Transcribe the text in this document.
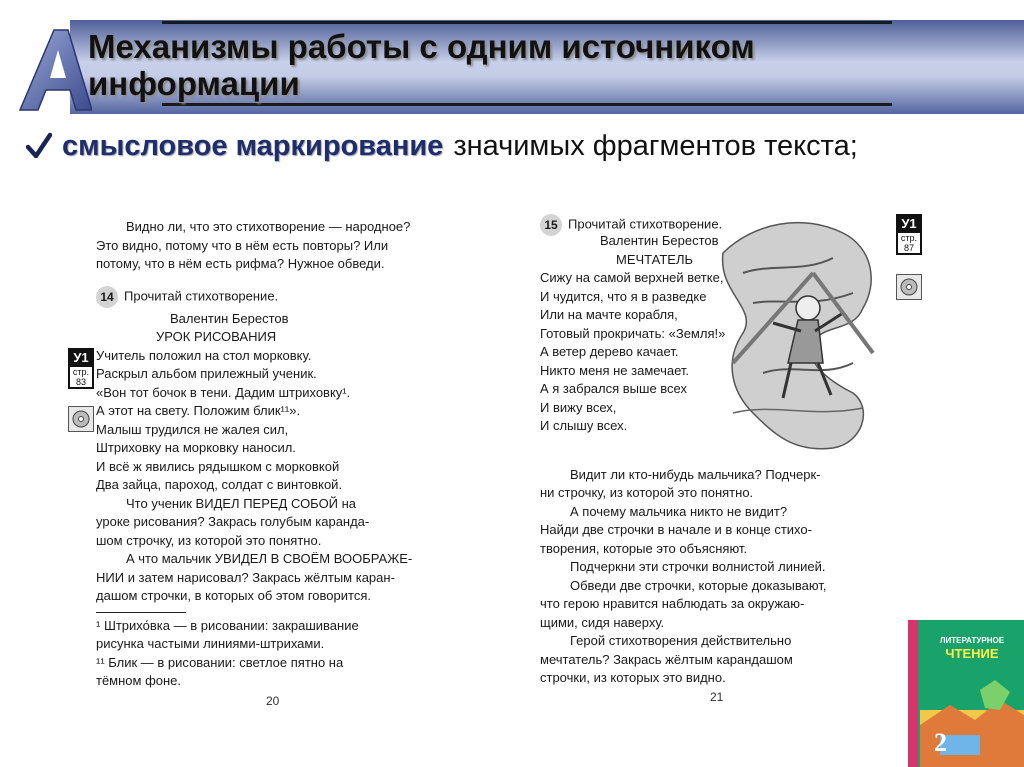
Механизмы работы с одним источником
информации
смысловое маркирование значимых фрагментов текста;
Видно ли, что это стихотворение — народное?
Это видно, потому что в нём есть повторы? Или
потому, что в нём есть рифма? Нужное обведи.
14 Прочитай стихотворение.
Валентин Берестов
УРОК РИСОВАНИЯ
Учитель положил на стол морковку.
Раскрыл альбом прилежный ученик.
«Вон тот бочок в тени. Дадим штриховку¹.
А этот на свету. Положим блик¹¹».
Малыш трудился не жалея сил,
Штриховку на морковку наносил.
И всё ж явились рядышком с морковкой
Два зайца, пароход, солдат с винтовкой.
Что ученик ВИДЕЛ ПЕРЕД СОБОЙ на
уроке рисования? Закрась голубым каранда-
шом строчку, из которой это понятно.
А что мальчик УВИДЕЛ В СВОЁМ ВООБРАЖЕ-
НИИ и затем нарисовал? Закрась жёлтым каран-
дашом строчки, в которых об этом говорится.
¹ Штрихо́вка — в рисовании: закрашивание
рисунка частыми линиями-штрихами.
¹¹ Блик — в рисовании: светлое пятно на
тёмном фоне.
20
У1
стр. 83
15 Прочитай стихотворение.
Валентин Берестов
МЕЧТАТЕЛЬ
Сижу на самой верхней ветке,
И чудится, что я в разведке
Или на мачте корабля,
Готовый прокричать: «Земля!»
А ветер дерево качает.
Никто меня не замечает.
А я забрался выше всех
И вижу всех,
И слышу всех.
Видит ли кто-нибудь мальчика? Подчерк-
ни строчку, из которой это понятно.
А почему мальчика никто не видит?
Найди две строчки в начале и в конце стихо-
творения, которые это объясняют.
Подчеркни эти строчки волнистой линией.
Обведи две строчки, которые доказывают,
что герою нравится наблюдать за окружаю-
щими, сидя наверху.
Герой стихотворения действительно
мечтатель? Закрась жёлтым карандашом
строчки, из которых это видно.
21
У1
стр. 87
ЛИТЕРАТУРНОЕ
ЧТЕНИЕ
2
